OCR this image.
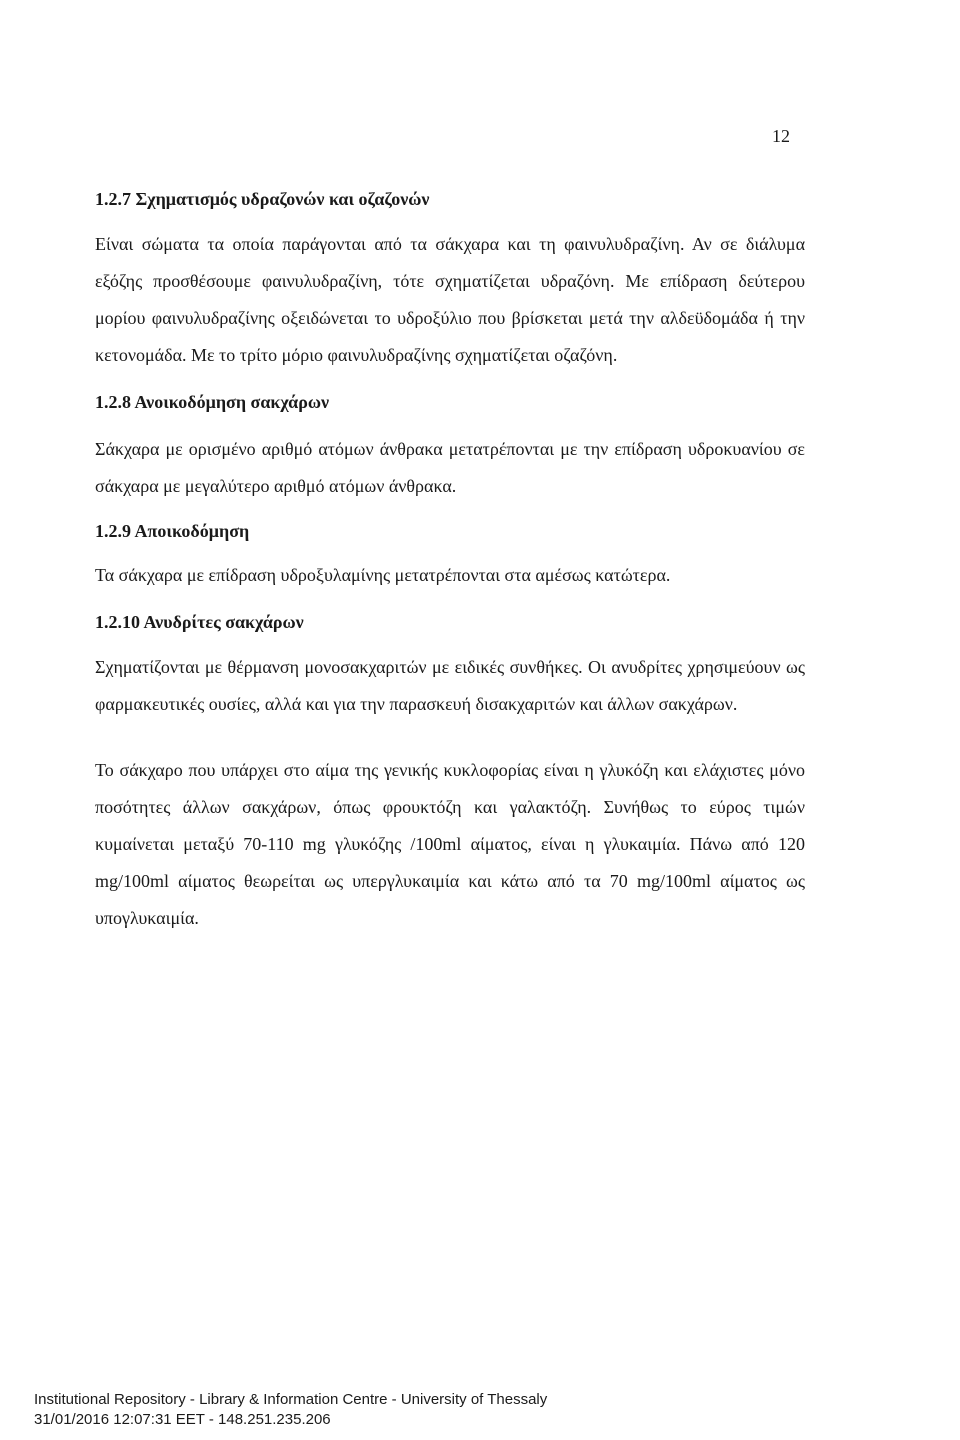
12

1.2.7 Σχηματισμός υδραζονών και οζαζονών

Είναι σώματα τα οποία παράγονται από τα σάκχαρα και τη φαινυλυδραζίνη. Αν σε διάλυμα εξόζης προσθέσουμε φαινυλυδραζίνη, τότε σχηματίζεται υδραζόνη. Με επίδραση δεύτερου μορίου φαινυλυδραζίνης οξειδώνεται το υδροξύλιο που βρίσκεται μετά την αλδεϋδομάδα ή την κετονομάδα. Με το τρίτο μόριο φαινυλυδραζίνης σχηματίζεται οζαζόνη.

1.2.8 Ανοικοδόμηση σακχάρων

Σάκχαρα με ορισμένο αριθμό ατόμων άνθρακα μετατρέπονται με την επίδραση υδροκυανίου σε σάκχαρα με μεγαλύτερο αριθμό ατόμων άνθρακα.

1.2.9 Αποικοδόμηση

Τα σάκχαρα με επίδραση υδροξυλαμίνης μετατρέπονται στα αμέσως κατώτερα.

1.2.10 Ανυδρίτες σακχάρων

Σχηματίζονται με θέρμανση μονοσακχαριτών με ειδικές συνθήκες. Οι ανυδρίτες χρησιμεύουν ως φαρμακευτικές ουσίες, αλλά και για την παρασκευή δισακχαριτών και άλλων σακχάρων.

Το σάκχαρο που υπάρχει στο αίμα της γενικής κυκλοφορίας είναι η γλυκόζη και ελάχιστες μόνο ποσότητες άλλων σακχάρων, όπως φρουκτόζη και γαλακτόζη. Συνήθως το εύρος τιμών κυμαίνεται μεταξύ 70-110 mg γλυκόζης /100ml αίματος, είναι η γλυκαιμία. Πάνω από 120 mg/100ml αίματος θεωρείται ως υπεργλυκαιμία και κάτω από τα 70 mg/100ml αίματος ως υπογλυκαιμία.

Institutional Repository - Library & Information Centre - University of Thessaly
31/01/2016 12:07:31 EET - 148.251.235.206
